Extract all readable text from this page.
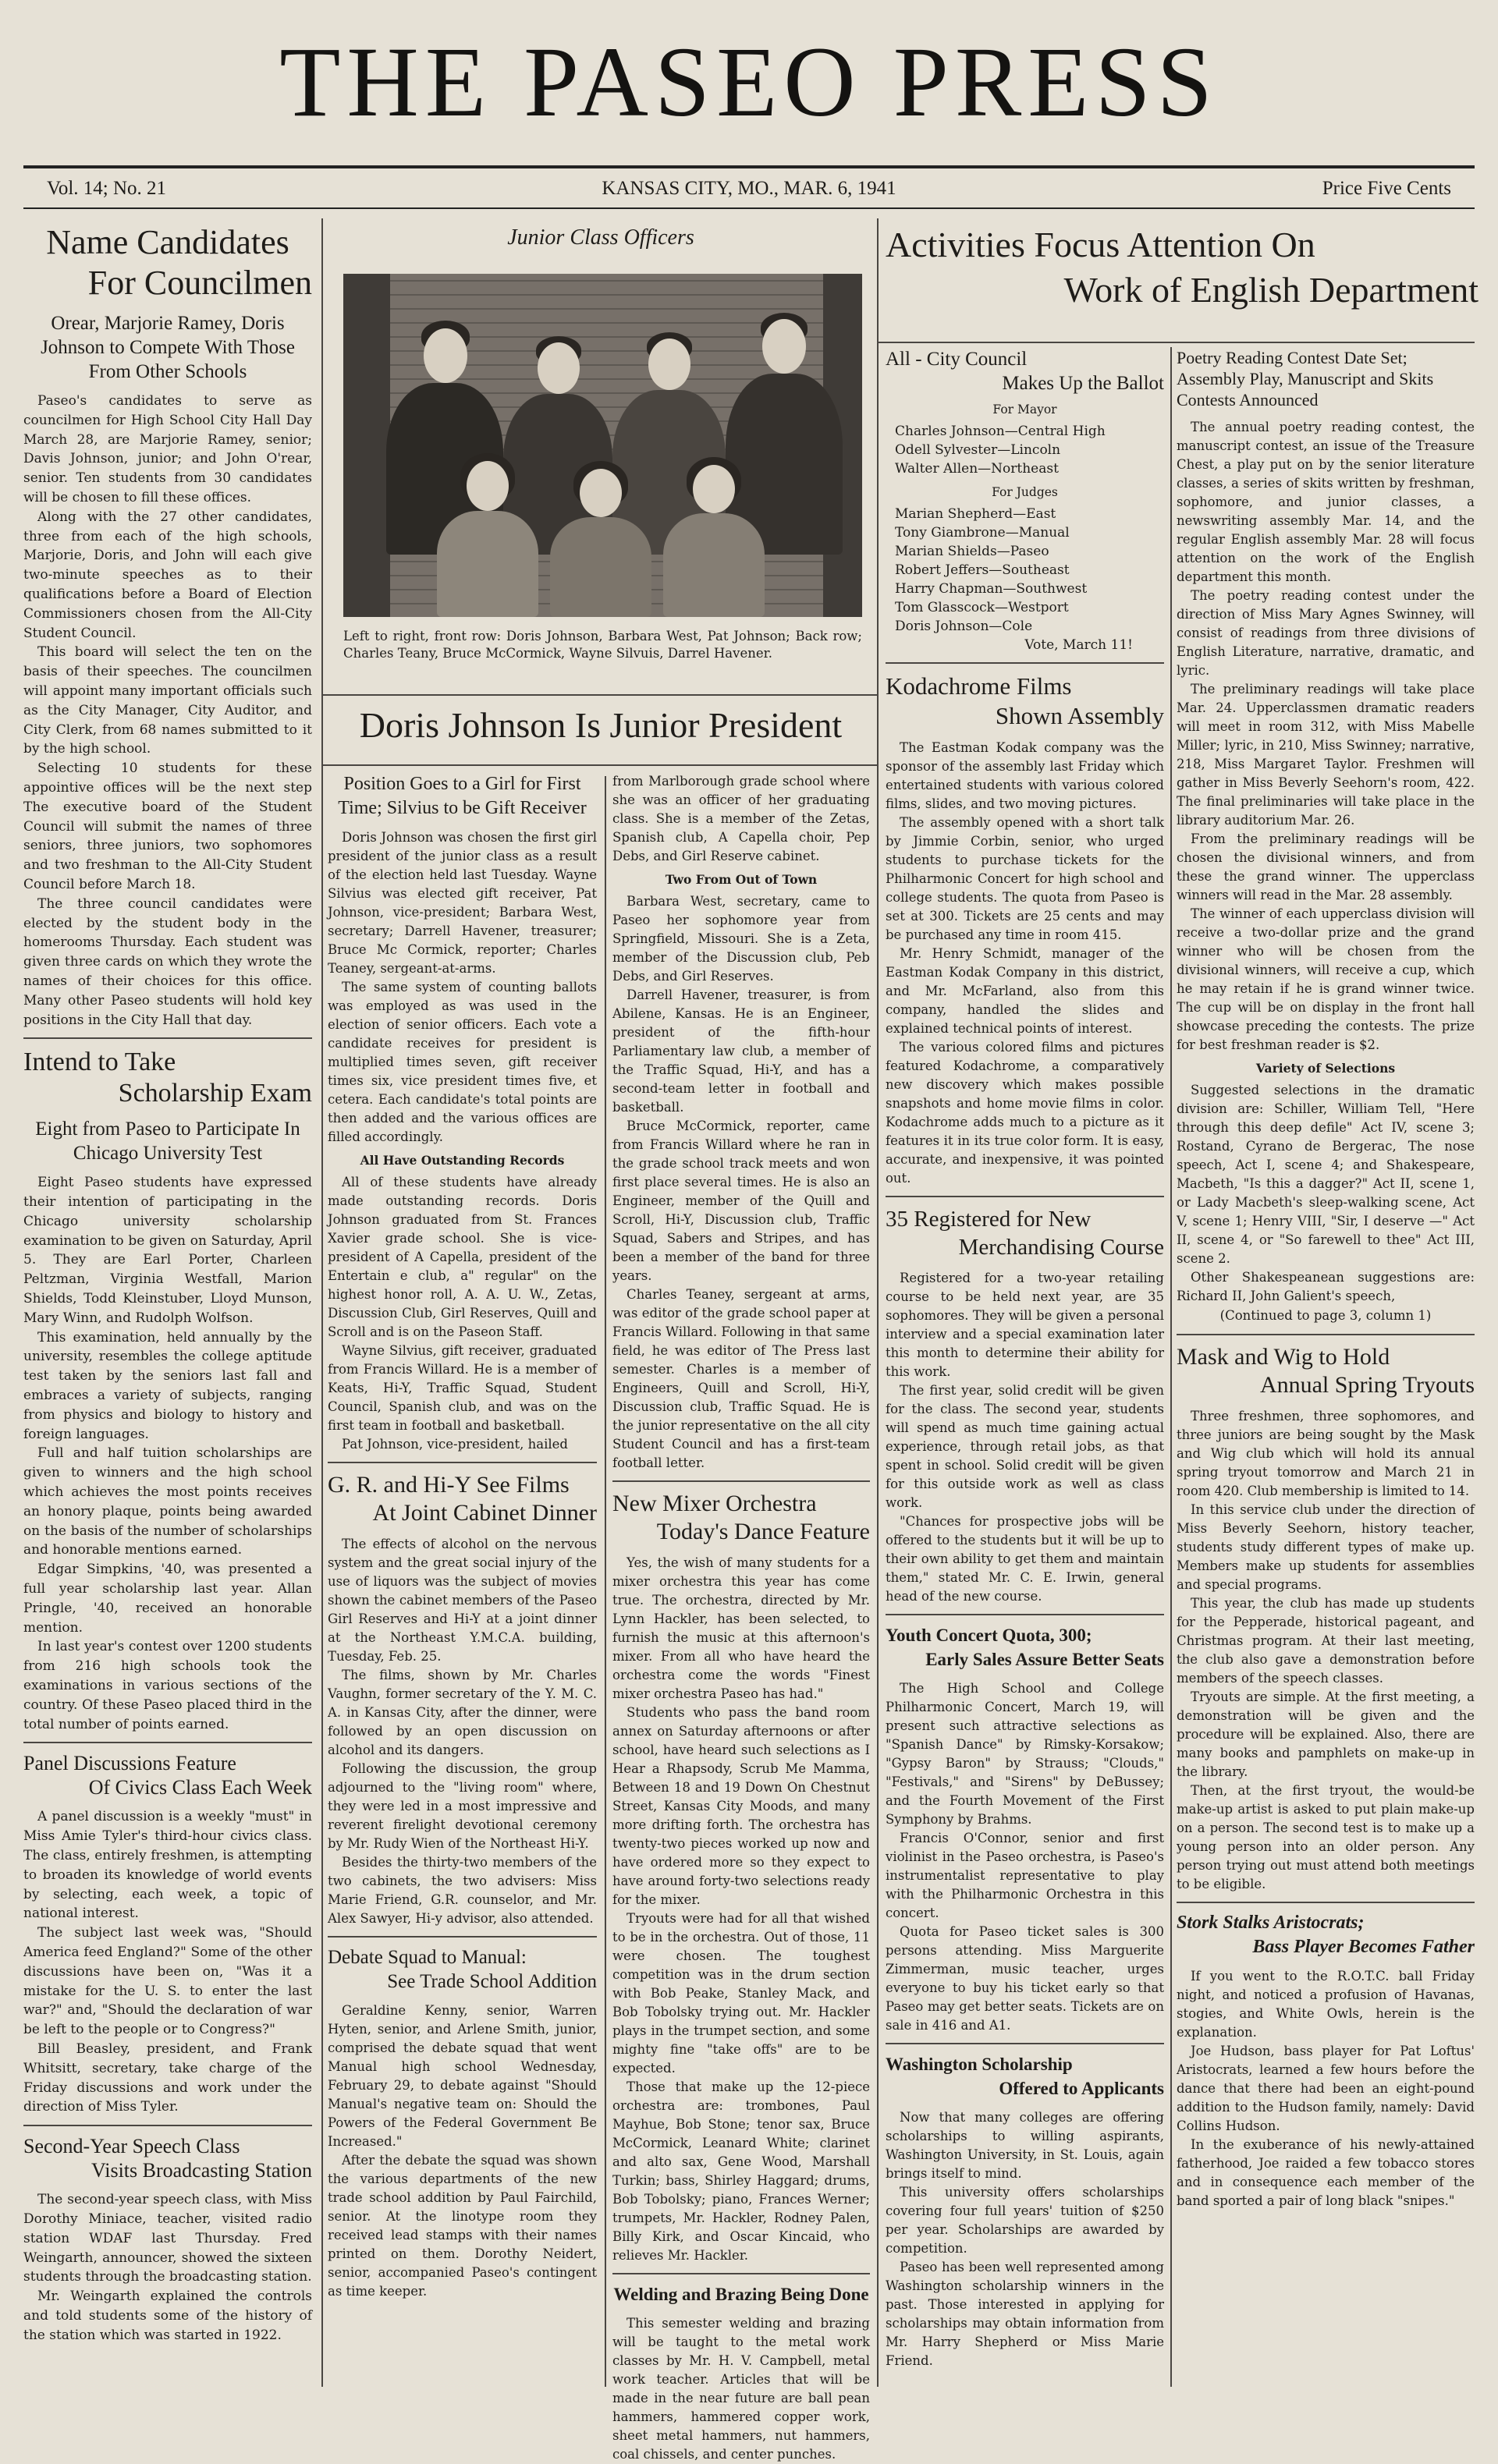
THE PASEO PRESS
Vol. 14; No. 21	KANSAS CITY, MO., MAR. 6, 1941	Price Five Cents
Name Candidates
For Councilmen
Orear, Marjorie Ramey, Doris Johnson to Compete With Those From Other Schools

Paseo's candidates to serve as councilmen for High School City Hall Day March 28, are Marjorie Ramey, senior; Davis Johnson, junior; and John O'rear, senior. Ten students from 30 candidates will be chosen to fill these offices.

Along with the 27 other candidates, three from each of the high schools, Marjorie, Doris, and John will each give two-minute speeches as to their qualifications before a Board of Election Commissioners chosen from the All-City Student Council.

This board will select the ten on the basis of their speeches. The councilmen will appoint many important officials such as the City Manager, City Auditor, and City Clerk, from 68 names submitted to it by the high school.

Selecting 10 students for these appointive offices will be the next step The executive board of the Student Council will submit the names of three seniors, three juniors, two sophomores and two freshman to the All-City Student Council before March 18.

The three council candidates were elected by the student body in the homerooms Thursday. Each student was given three cards on which they wrote the names of their choices for this office. Many other Paseo students will hold key positions in the City Hall that day.

Intend to Take
Scholarship Exam
Eight from Paseo to Participate In Chicago University Test

Eight Paseo students have expressed their intention of participating in the Chicago university scholarship examination to be given on Saturday, April 5. They are Earl Porter, Charleen Peltzman, Virginia Westfall, Marion Shields, Todd Kleinstuber, Lloyd Munson, Mary Winn, and Rudolph Wolfson.

This examination, held annually by the university, resembles the college aptitude test taken by the seniors last fall and embraces a variety of subjects, ranging from physics and biology to history and foreign languages.

Full and half tuition scholarships are given to winners and the high school which achieves the most points receives an honory plaque, points being awarded on the basis of the number of scholarships and honorable mentions earned.

Edgar Simpkins, '40, was presented a full year scholarship last year. Allan Pringle, '40, received an honorable mention.

In last year's contest over 1200 students from 216 high schools took the examinations in various sections of the country. Of these Paseo placed third in the total number of points earned.

Panel Discussions Feature
Of Civics Class Each Week

A panel discussion is a weekly "must" in Miss Amie Tyler's third-hour civics class. The class, entirely freshmen, is attempting to broaden its knowledge of world events by selecting, each week, a topic of national interest.

The subject last week was, "Should America feed England?" Some of the other discussions have been on, "Was it a mistake for the U. S. to enter the last war?" and, "Should the declaration of war be left to the people or to Congress?"

Bill Beasley, president, and Frank Whitsitt, secretary, take charge of the Friday discussions and work under the direction of Miss Tyler.

Second-Year Speech Class
Visits Broadcasting Station

The second-year speech class, with Miss Dorothy Miniace, teacher, visited radio station WDAF last Thursday. Fred Weingarth, announcer, showed the sixteen students through the broadcasting station.

Mr. Weingarth explained the controls and told students some of the history of the station which was started in 1922.

Junior Class Officers
Left to right, front row: Doris Johnson, Barbara West, Pat Johnson; Back row; Charles Teany, Bruce McCormick, Wayne Silvuis, Darrel Havener.
Doris Johnson Is Junior President
Position Goes to a Girl for First Time; Silvius to be Gift Receiver

Doris Johnson was chosen the first girl president of the junior class as a result of the election held last Tuesday. Wayne Silvius was elected gift receiver, Pat Johnson, vice-president; Barbara West, secretary; Darrell Havener, treasurer; Bruce Mc Cormick, reporter; Charles Teaney, sergeant-at-arms.

The same system of counting ballots was employed as was used in the election of senior officers. Each vote a candidate receives for president is multiplied times seven, gift receiver times six, vice president times five, et cetera. Each candidate's total points are then added and the various offices are filled accordingly.

All Have Outstanding Records

All of these students have already made outstanding records. Doris Johnson graduated from St. Frances Xavier grade school. She is vice-president of A Capella, president of the Entertain e club, a" regular" on the highest honor roll, A. A. U. W., Zetas, Discussion Club, Girl Reserves, Quill and Scroll and is on the Paseon Staff.

Wayne Silvius, gift receiver, graduated from Francis Willard. He is a member of Keats, Hi-Y, Traffic Squad, Student Council, Spanish club, and was on the first team in football and basketball.

Pat Johnson, vice-president, hailed

G. R. and Hi-Y See Films
At Joint Cabinet Dinner

The effects of alcohol on the nervous system and the great social injury of the use of liquors was the subject of movies shown the cabinet members of the Paseo Girl Reserves and Hi-Y at a joint dinner at the Northeast Y.M.C.A. building, Tuesday, Feb. 25.

The films, shown by Mr. Charles Vaughn, former secretary of the Y. M. C. A. in Kansas City, after the dinner, were followed by an open discussion on alcohol and its dangers.

Following the discussion, the group adjourned to the "living room" where, they were led in a most impressive and reverent firelight devotional ceremony by Mr. Rudy Wien of the Northeast Hi-Y.

Besides the thirty-two members of the two cabinets, the two advisers: Miss Marie Friend, G.R. counselor, and Mr. Alex Sawyer, Hi-y advisor, also attended.

Debate Squad to Manual:
See Trade School Addition

Geraldine Kenny, senior, Warren Hyten, senior, and Arlene Smith, junior, comprised the debate squad that went Manual high school Wednesday, February 29, to debate against "Should Manual's negative team on: Should the Powers of the Federal Government Be Increased."

After the debate the squad was shown the various departments of the new trade school addition by Paul Fairchild, senior. At the linotype room they received lead stamps with their names printed on them. Dorothy Neidert, senior, accompanied Paseo's contingent as time keeper.

from Marlborough grade school where she was an officer of her graduating class. She is a member of the Zetas, Spanish club, A Capella choir, Pep Debs, and Girl Reserve cabinet.

Two From Out of Town

Barbara West, secretary, came to Paseo her sophomore year from Springfield, Missouri. She is a Zeta, member of the Discussion club, Peb Debs, and Girl Reserves.

Darrell Havener, treasurer, is from Abilene, Kansas. He is an Engineer, president of the fifth-hour Parliamentary law club, a member of the Traffic Squad, Hi-Y, and has a second-team letter in football and basketball.

Bruce McCormick, reporter, came from Francis Willard where he ran in the grade school track meets and won first place several times. He is also an Engineer, member of the Quill and Scroll, Hi-Y, Discussion club, Traffic Squad, Sabers and Stripes, and has been a member of the band for three years.

Charles Teaney, sergeant at arms, was editor of the grade school paper at Francis Willard. Following in that same field, he was editor of The Press last semester. Charles is a member of Engineers, Quill and Scroll, Hi-Y, Discussion club, Traffic Squad. He is the junior representative on the all city Student Council and has a first-team football letter.

New Mixer Orchestra
Today's Dance Feature

Yes, the wish of many students for a mixer orchestra this year has come true. The orchestra, directed by Mr. Lynn Hackler, has been selected, to furnish the music at this afternoon's mixer. From all who have heard the orchestra come the words "Finest mixer orchestra Paseo has had."

Students who pass the band room annex on Saturday afternoons or after school, have heard such selections as I Hear a Rhapsody, Scrub Me Mamma, Between 18 and 19 Down On Chestnut Street, Kansas City Moods, and many more drifting forth. The orchestra has twenty-two pieces worked up now and have ordered more so they expect to have around forty-two selections ready for the mixer.

Tryouts were had for all that wished to be in the orchestra. Out of those, 11 were chosen. The toughest competition was in the drum section with Bob Peake, Stanley Mack, and Bob Tobolsky trying out. Mr. Hackler plays in the trumpet section, and some mighty fine "take offs" are to be expected.

Those that make up the 12-piece orchestra are: trombones, Paul Mayhue, Bob Stone; tenor sax, Bruce McCormick, Leanard White; clarinet and alto sax, Gene Wood, Marshall Turkin; bass, Shirley Haggard; drums, Bob Tobolsky; piano, Frances Werner; trumpets, Mr. Hackler, Rodney Palen, Billy Kirk, and Oscar Kincaid, who relieves Mr. Hackler.

Welding and Brazing Being Done

This semester welding and brazing will be taught to the metal work classes by Mr. H. V. Campbell, metal work teacher. Articles that will be made in the near future are ball pean hammers, hammered copper work, sheet metal hammers, nut hammers, coal chissels, and center punches.

Activities Focus Attention On
Work of English Department
All - City Council
Makes Up the Ballot
For Mayor
Charles Johnson—Central High
Odell Sylvester—Lincoln
Walter Allen—Northeast
For Judges
Marian Shepherd—East
Tony Giambrone—Manual
Marian Shields—Paseo
Robert Jeffers—Southeast
Harry Chapman—Southwest
Tom Glasscock—Westport
Doris Johnson—Cole
Vote, March 11!
Kodachrome Films
Shown Assembly

The Eastman Kodak company was the sponsor of the assembly last Friday which entertained students with various colored films, slides, and two moving pictures.

The assembly opened with a short talk by Jimmie Corbin, senior, who urged students to purchase tickets for the Philharmonic Concert for high school and college students. The quota from Paseo is set at 300. Tickets are 25 cents and may be purchased any time in room 415.

Mr. Henry Schmidt, manager of the Eastman Kodak Company in this district, and Mr. McFarland, also from this company, handled the slides and explained technical points of interest.

The various colored films and pictures featured Kodachrome, a comparatively new discovery which makes possible snapshots and home movie films in color. Kodachrome adds much to a picture as it features it in its true color form. It is easy, accurate, and inexpensive, it was pointed out.

35 Registered for New
Merchandising Course

Registered for a two-year retailing course to be held next year, are 35 sophomores. They will be given a personal interview and a special examination later this month to determine their ability for this work.

The first year, solid credit will be given for the class. The second year, students will spend as much time gaining actual experience, through retail jobs, as that spent in school. Solid credit will be given for this outside work as well as class work.

"Chances for prospective jobs will be offered to the students but it will be up to their own ability to get them and maintain them," stated Mr. C. E. Irwin, general head of the new course.

Youth Concert Quota, 300;
Early Sales Assure Better Seats

The High School and College Philharmonic Concert, March 19, will present such attractive selections as "Spanish Dance" by Rimsky-Korsakow; "Gypsy Baron" by Strauss; "Clouds," "Festivals," and "Sirens" by DeBussey; and the Fourth Movement of the First Symphony by Brahms.

Francis O'Connor, senior and first violinist in the Paseo orchestra, is Paseo's instrumentalist representative to play with the Philharmonic Orchestra in this concert.

Quota for Paseo ticket sales is 300 persons attending. Miss Marguerite Zimmerman, music teacher, urges everyone to buy his ticket early so that Paseo may get better seats. Tickets are on sale in 416 and A1.

Washington Scholarship
Offered to Applicants

Now that many colleges are offering scholarships to willing aspirants, Washington University, in St. Louis, again brings itself to mind.

This university offers scholarships covering four full years' tuition of $250 per year. Scholarships are awarded by competition.

Paseo has been well represented among Washington scholarship winners in the past. Those interested in applying for scholarships may obtain information from Mr. Harry Shepherd or Miss Marie Friend.

Poetry Reading Contest Date Set; Assembly Play, Manuscript and Skits Contests Announced

The annual poetry reading contest, the manuscript contest, an issue of the Treasure Chest, a play put on by the senior literature classes, a series of skits written by freshman, sophomore, and junior classes, a newswriting assembly Mar. 14, and the regular English assembly Mar. 28 will focus attention on the work of the English department this month.

The poetry reading contest under the direction of Miss Mary Agnes Swinney, will consist of readings from three divisions of English Literature, narrative, dramatic, and lyric.

The preliminary readings will take place Mar. 24. Upperclassmen dramatic readers will meet in room 312, with Miss Mabelle Miller; lyric, in 210, Miss Swinney; narrative, 218, Miss Margaret Taylor. Freshmen will gather in Miss Beverly Seehorn's room, 422. The final preliminaries will take place in the library auditorium Mar. 26.

From the preliminary readings will be chosen the divisional winners, and from these the grand winner. The upperclass winners will read in the Mar. 28 assembly.

The winner of each upperclass division will receive a two-dollar prize and the grand winner who will be chosen from the divisional winners, will receive a cup, which he may retain if he is grand winner twice. The cup will be on display in the front hall showcase preceding the contests. The prize for best freshman reader is $2.

Variety of Selections

Suggested selections in the dramatic division are: Schiller, William Tell, "Here through this deep defile" Act IV, scene 3; Rostand, Cyrano de Bergerac, The nose speech, Act I, scene 4; and Shakespeare, Macbeth, "Is this a dagger?" Act II, scene 1, or Lady Macbeth's sleep-walking scene, Act V, scene 1; Henry VIII, "Sir, I deserve —" Act II, scene 4, or "So farewell to thee" Act III, scene 2.

Other Shakespeanean suggestions are: Richard II, John Galient's speech,

(Continued to page 3, column 1)
Mask and Wig to Hold
Annual Spring Tryouts

Three freshmen, three sophomores, and three juniors are being sought by the Mask and Wig club which will hold its annual spring tryout tomorrow and March 21 in room 420. Club membership is limited to 14.

In this service club under the direction of Miss Beverly Seehorn, history teacher, students study different types of make up. Members make up students for assemblies and special programs.

This year, the club has made up students for the Pepperade, historical pageant, and Christmas program. At their last meeting, the club also gave a demonstration before members of the speech classes.

Tryouts are simple. At the first meeting, a demonstration will be given and the procedure will be explained. Also, there are many books and pamphlets on make-up in the library.

Then, at the first tryout, the would-be make-up artist is asked to put plain make-up on a person. The second test is to make up a young person into an older person. Any person trying out must attend both meetings to be eligible.

Stork Stalks Aristocrats;
Bass Player Becomes Father

If you went to the R.O.T.C. ball Friday night, and noticed a profusion of Havanas, stogies, and White Owls, herein is the explanation.

Joe Hudson, bass player for Pat Loftus' Aristocrats, learned a few hours before the dance that there had been an eight-pound addition to the Hudson family, namely: David Collins Hudson.

In the exuberance of his newly-attained fatherhood, Joe raided a few tobacco stores and in consequence each member of the band sported a pair of long black "snipes."
